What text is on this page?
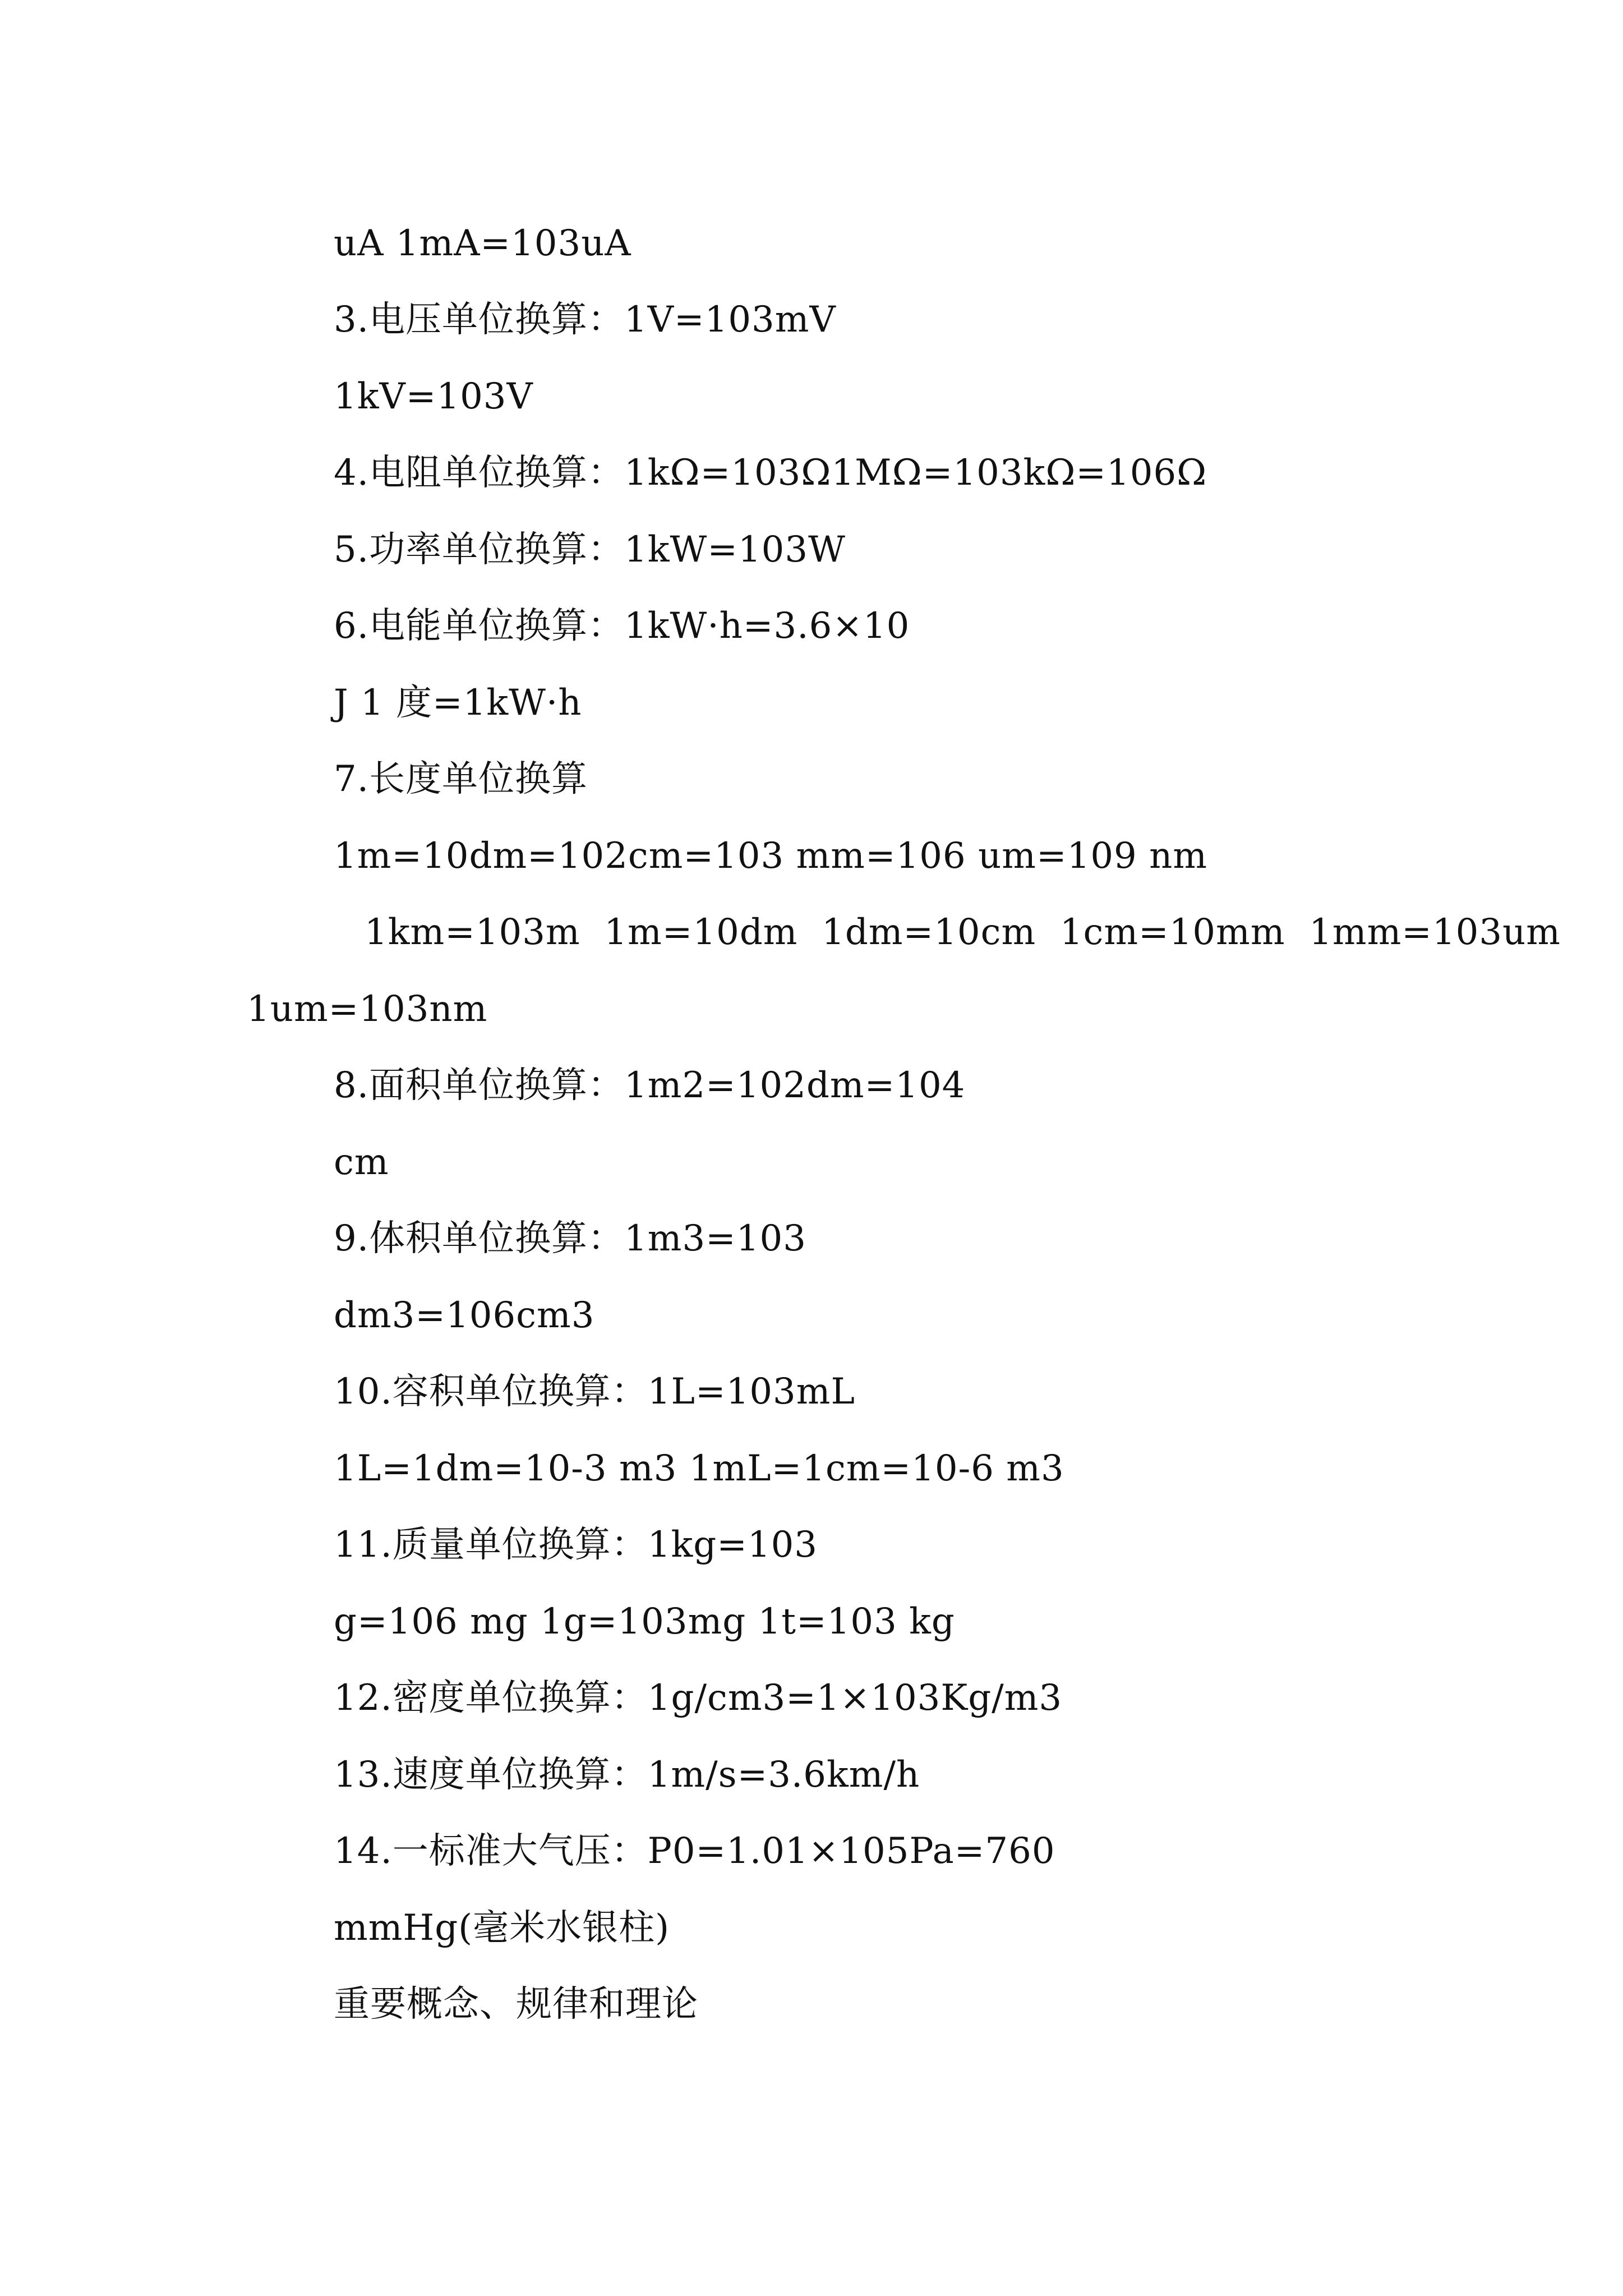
uA 1mA=103uA
3.电压单位换算：1V=103mV
1kV=103V
4.电阻单位换算：1kΩ=103Ω1MΩ=103kΩ=106Ω
5.功率单位换算：1kW=103W
6.电能单位换算：1kW·h=3.6×10
J 1 度=1kW·h
7.长度单位换算
1m=10dm=102cm=103 mm=106 um=109 nm
1km=103m  1m=10dm  1dm=10cm  1cm=10mm  1mm=103um
1um=103nm
8.面积单位换算：1m2=102dm=104
cm
9.体积单位换算：1m3=103
dm3=106cm3
10.容积单位换算：1L=103mL
1L=1dm=10-3 m3 1mL=1cm=10-6 m3
11.质量单位换算：1kg=103
g=106 mg 1g=103mg 1t=103 kg
12.密度单位换算：1g/cm3=1×103Kg/m3
13.速度单位换算：1m/s=3.6km/h
14.一标准大气压：P0=1.01×105Pa=760
mmHg(毫米水银柱)
重要概念、规律和理论
